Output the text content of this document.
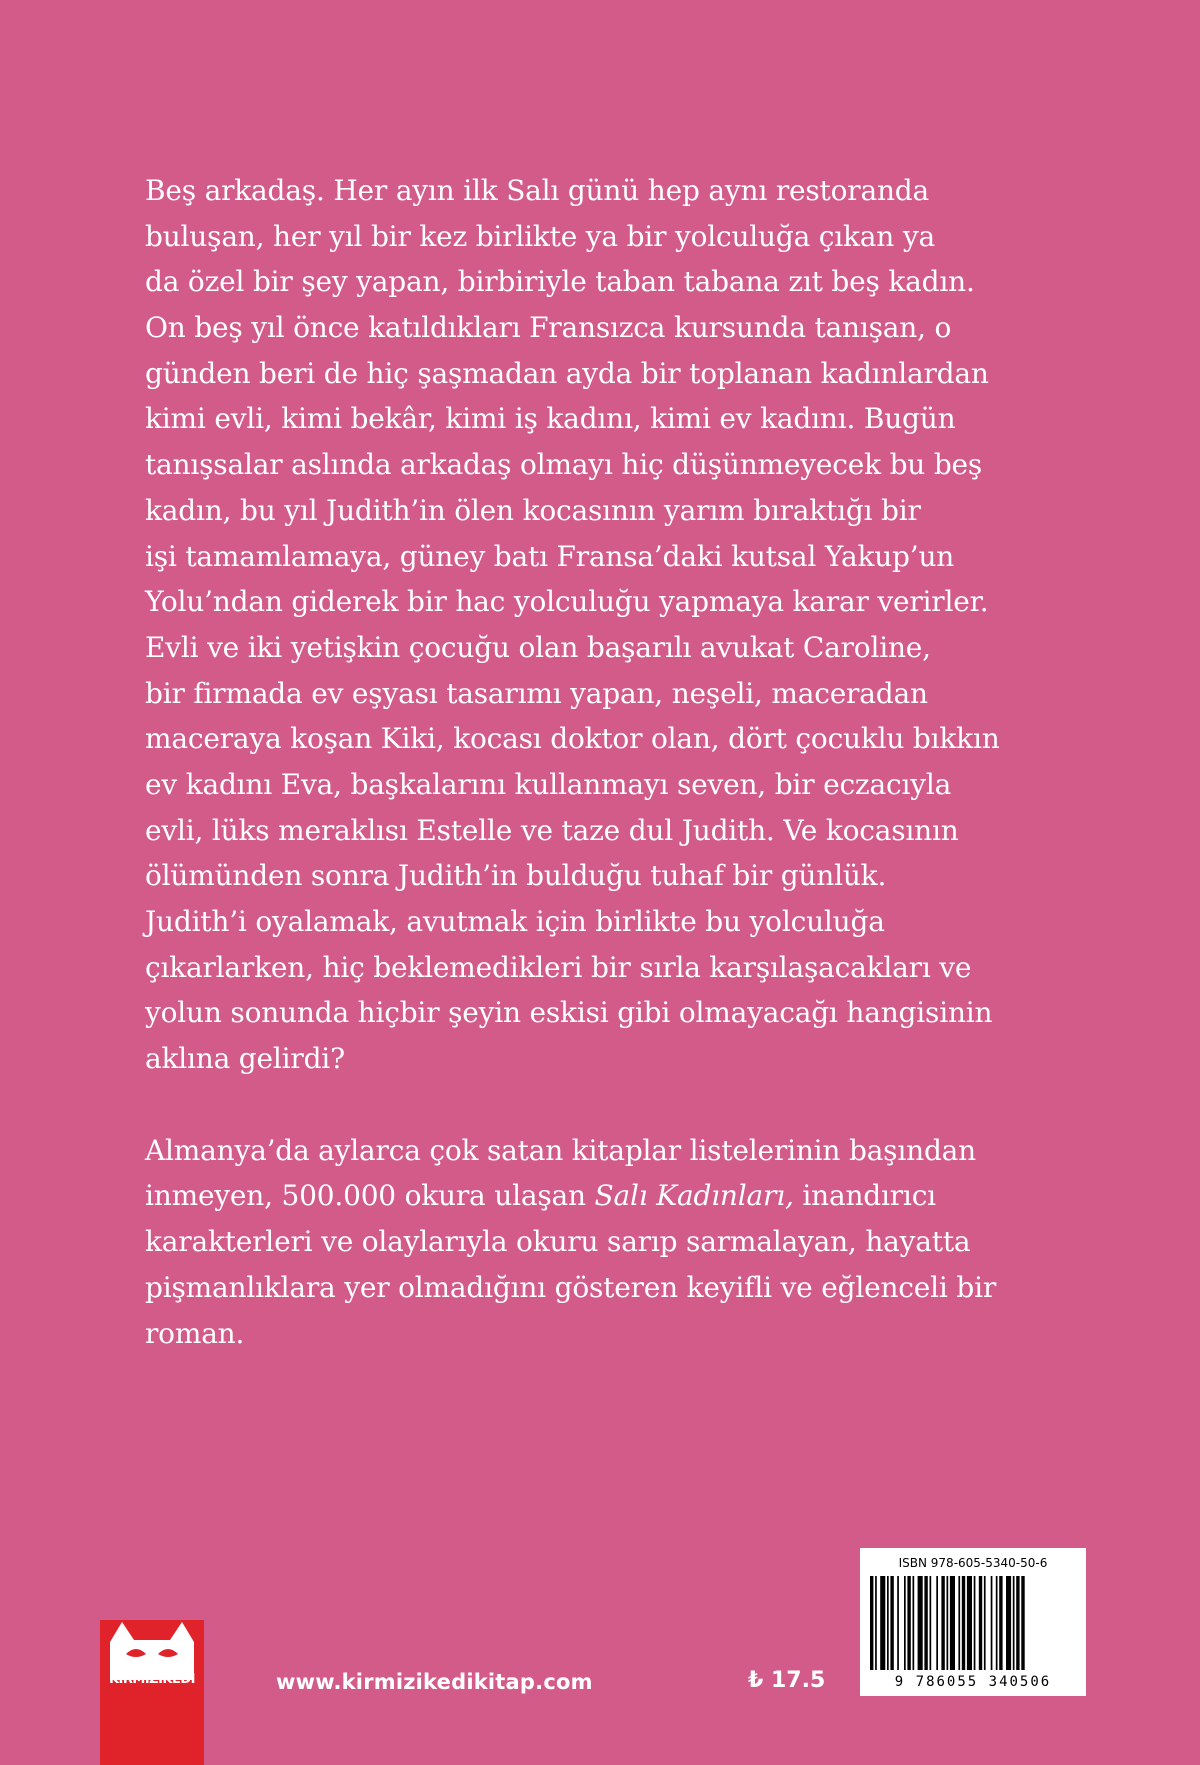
Beş arkadaş. Her ayın ilk Salı günü hep aynı restoranda
buluşan, her yıl bir kez birlikte ya bir yolculuğa çıkan ya
da özel bir şey yapan, birbiriyle taban tabana zıt beş kadın.
On beş yıl önce katıldıkları Fransızca kursunda tanışan, o
günden beri de hiç şaşmadan ayda bir toplanan kadınlardan
kimi evli, kimi bekâr, kimi iş kadını, kimi ev kadını. Bugün
tanışsalar aslında arkadaş olmayı hiç düşünmeyecek bu beş
kadın, bu yıl Judith’in ölen kocasının yarım bıraktığı bir
işi tamamlamaya, güney batı Fransa’daki kutsal Yakup’un
Yolu’ndan giderek bir hac yolculuğu yapmaya karar verirler.
Evli ve iki yetişkin çocuğu olan başarılı avukat Caroline,
bir firmada ev eşyası tasarımı yapan, neşeli, maceradan
maceraya koşan Kiki, kocası doktor olan, dört çocuklu bıkkın
ev kadını Eva, başkalarını kullanmayı seven, bir eczacıyla
evli, lüks meraklısı Estelle ve taze dul Judith. Ve kocasının
ölümünden sonra Judith’in bulduğu tuhaf bir günlük.
Judith’i oyalamak, avutmak için birlikte bu yolculuğa
çıkarlarken, hiç beklemedikleri bir sırla karşılaşacakları ve
yolun sonunda hiçbir şeyin eskisi gibi olmayacağı hangisinin
aklına gelirdi?
Almanya’da aylarca çok satan kitaplar listelerinin başından
inmeyen, 500.000 okura ulaşan Salı Kadınları, inandırıcı
karakterleri ve olaylarıyla okuru sarıp sarmalayan, hayatta
pişmanlıklara yer olmadığını gösteren keyifli ve eğlenceli bir
roman.
KIRMIZIKEDİ	www.kirmizikedikitap.com	₺ 17.5
ISBN 978-605-5340-50-6
9 786055 340506
